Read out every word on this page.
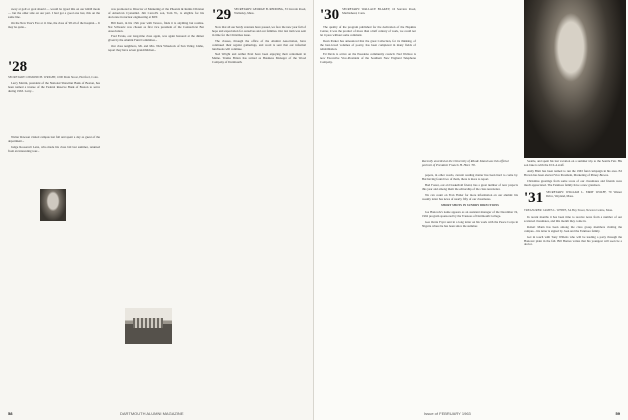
away at golf or goal should — would be typed this on our GRM mode — but the other side on our part. I had got a good one last, this on the same line.

On the New Year's Eve at 11 line, the class of '28 all of the hospital.... It may be quite...

'28

SECRETARY: OSMOND H. WRIGHT, 1000 Main Street, Hartford, Conn.

Larry Martin, president of the National Shawmut Bank of Boston, has been named a trustee of the Federal Reserve Bank of Boston to serve during 1963. Larry...

Walter Rawson visited campus last fall and spent a day as guest of the department...

Judge Roosevelt Lenz, who made his class bid last summer, returned from an interesting tour...

was promoted to Director of Marketing of the Phoenix & Reims Division of American Cyanamid. Jim Carroll's son, Tom W., is eligible for his doctorate in nuclear engineering at MIT.

Bill Kern, in his 15th year with Texaco, finds it is anything but routine. Nat Schwartz was chosen as first vice president of the Connecticut Bar Association.

Fred Evans, our long-time class agent, was again honored at the dinner given by the Alumni Fund Committee...

Our class neighbors, Mr. and Mrs. Nick Wheelock of Sun Valley, Idaho, report they have seven grandchildren...

'29 SECRETARY: GEORGE B. REDDING, 53 Lincoln Road, Wellesley, Mass.

Now that all our hardy veterans have passed, we face the new year full of hope and expectation for ourselves and our families. Our last item was sent in time for the Christmas issue.

The classes, through the office of the Alumni Association, have continued their regular gatherings, and word is sent that our informal luncheons will continue.

Ned Wright and Arthur Pratt have been enjoying their retirement in Maine. Tranks Briton has retired as Business Manager of the Wood Company of Dartmouth.

58	DARTMOUTH ALUMNI MAGAZINE
'30 SECRETARY: WALLACE BLAKEY, 16 Seaview Road, Marblehead, Conn.

The quality of the program published for the dedication of the Hopkins Center, it was the product of more than a half century of work, we could not let it pass without some comment.

Dean Parker has announced that the great Collection, for its thinking, of the best-loved volumes of poetry, has been completed in many fields of rehabilitation.

Ed Davis is active on the Pasadena community council. Ned Wallace is now Executive Vice-President of the Southern New England Telephone Company.

papers, in other words, current reading matter has been hard to come by. But having found two of them, there is more to report.

Bud Foster, our old basketball friend, has a great number of new projects this year and among them the editorship of the class newsletter.

We can count on Fran Fisher for more information on our alumni: his weekly letter has news of nearly fifty of our classmates.

SHORT SHOTS IN SUNDRY DIRECTIONS

Joe Hancock's name appears as an assistant manager of the December 19, 1962 program sponsored by the Trustees of Dartmouth College.

Gee Ozzie Fryer sent in a long letter on his work with the Peace Corps in Nigeria where he has been since the summer.

Recently unveiled at the University of Rhode Island was this official portrait of President Francis H. Horn '30.

Seattle, and spent his last vacation on a summer trip to the Seattle Fair. His son Jake is with the UCLA staff.

Andy Blair has been named to run the 1963 fund campaign in his area. Ed Brown has been elected Vice President, Marketing of Pitney-Bowes.

Christmas greetings from some score of our classmates and friends were much appreciated. The Fenmore family have a new grandson.

'31 SECRETARY: WILLIAM L. 'DRIP' WOLFF, 79 Wisner Drive, Wayland, Mass.

TREASURER: JAMES L. WHITE, 3A Bay Street, Newton Centre, Mass.

In recent months it has been time to receive news from a number of our scattered classmates, and this month they come in.

Robert Mann has been among the class group members visiting the campus... his letter is signed by Joan and the Fenmore family.

Get in touch with Tony Willetts who will be leading a party through the Hanover plain in the fall. Bill Barnes writes that his youngest will soon be a doctor.

Issue of FEBRUARY 1963	59
